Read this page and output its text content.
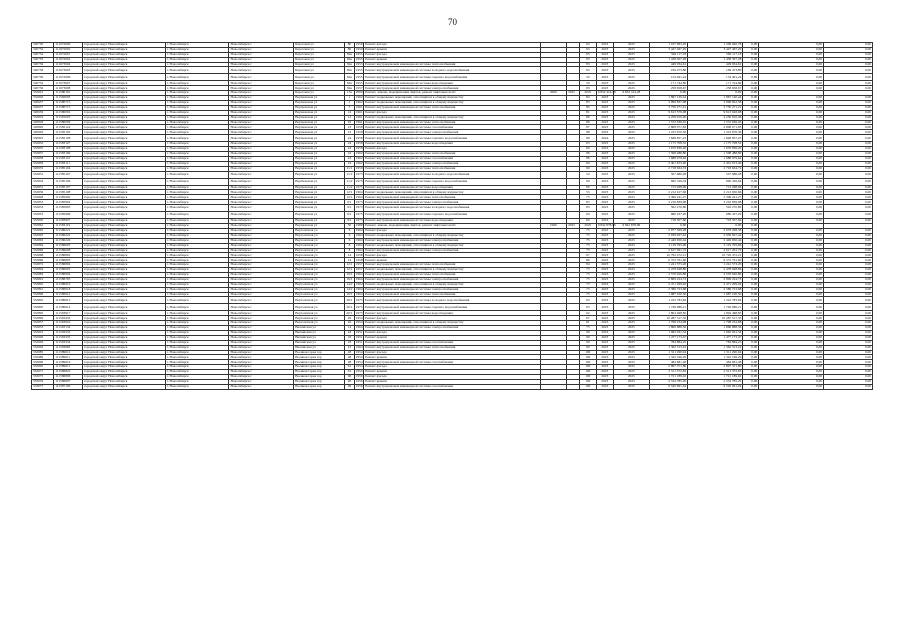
70
320750	111672600	городской округ Новосибирск	г. Новосибирск	Новосибирск г	Береговая ул	80	1959	Ремонт фасада			62	2023	2025	1 167 963,20	1 209 940,78	0,00	0,00	0,00
320752	111672602	городской округ Новосибирск	г. Новосибирск	Новосибирск г	Береговая ул	80	1959	Ремонт крыши			63	2023	2025	3 447 467,20	3 447 467,20	0,00	0,00	0,00
320754	111672601	городской округ Новосибирск	г. Новосибирск	Новосибирск г	Береговая ул	84а	1955	Ремонт фасада			65	2023	2025	569 117,18	569 117,18	0,00	0,00	0,00
320755	111672602	городской округ Новосибирск	г. Новосибирск	Новосибирск г	Береговая ул	84а	1955	Ремонт крыши			63	2023	2025	1 438 307,28	1 438 307,28	0,00	0,00	0,00
320756	111673604	городской округ Новосибирск	г. Новосибирск	Новосибирск г	Береговая ул	84а	1955	Ремонт внутридомовой инженерной системы теплоснабжения			83	2023	2025	449 934,61	449 934,61	0,00	0,00	0,00
320758	111673603	городской округ Новосибирск	г. Новосибирск	Новосибирск г	Береговая ул	84а	1955	Ремонт внутридомовой инженерной системы холодного водоснабжения			65	2023	2025	169 473,80	169 473,80	0,00	0,00	0,00
320759	111672606	городской округ Новосибирск	г. Новосибирск	Новосибирск г	Береговая ул	84а	1955	Ремонт внутридомовой инженерной системы горячего водоснабжения			50	2023	2025	154 491,24	154 491,24	0,00	0,00	0,00
320734	111673607	городской округ Новосибирск	г. Новосибирск	Новосибирск г	Береговая ул	84а	1955	Ремонт внутридомовой инженерной системы водоотведения			50	2023	2025	171 744,80	171 744,80	0,00	0,00	0,00
320736	111673608	городской округ Новосибирск	г. Новосибирск	Новосибирск г	Береговая ул	84а	1957	Ремонт внутридомовой инженерной системы электроснабжения			83	2023	2025	258 658,67	258 658,67	0,00	0,00	0,00
332901	111580110	городской округ Новосибирск	г. Новосибирск	Новосибирск г	Береговая ул	13а	2000	Ремонт, замена, модернизация лифтов, ремонт лифтовых шахт	2000	2025	2025	6 832 414,28	6 832 414,28	0,00	0,00	0,00		
332902	111582003	городской округ Новосибирск	г. Новосибирск	Новосибирск г	Вертковская ул	1	1962	Ремонт подвальных помещений, относящихся к общему имуществу			84	2023	2025	1 867 139,44	1 867 140,44	0,00	0,00	0,00
320637	111580715	городской округ Новосибирск	г. Новосибирск	Новосибирск г	Вертковская ул	1	1962	Ремонт подвальных помещений, относящихся к общему имуществу			85	2023	2025	3 099 837,98	3 099 822,58	0,00	0,00	0,00
320637	111580715	городской округ Новосибирск	г. Новосибирск	Новосибирск г	Вертковская ул	5	1961	Ремонт внутридомовой инженерной системы теплоснабжения			85	2023	2025	3 750 271,21	3 750 271,21	0,00	0,00	0,00
320636	111580002	городской округ Новосибирск	г. Новосибирск	Новосибирск г	Вертковская ул	12	1961	Ремонт фасада			81	2023	2025	9 613 579,08	9 613 628,08	0,00	0,00	0,00
332819	111581003	городской округ Новосибирск	г. Новосибирск	Новосибирск г	Вертковская ул	12	1961	Ремонт подвальных помещений, относящихся к общему имуществу			80	2023	2025	4 256 910,46	4 256 910,46	0,00	0,00	0,00
320818	111580009	городской округ Новосибирск	г. Новосибирск	Новосибирск г	Вертковская ул	20	1961	Ремонт внутридомовой инженерной системы теплоснабжения			86	2023	2025	1 572 636,45	1 572 636,45	0,00	0,00	0,00
320820	111582124	городской округ Новосибирск	г. Новосибирск	Новосибирск г	Вертковская ул	23	1958	Ремонт внутридомовой инженерной системы газоснабжения			87	2023	2025	2 808 071,83	2 808 071,83	0,00	0,00	0,00
320626	111582195	городской округ Новосибирск	г. Новосибирск	Новосибирск г	Вертковская ул	23	1958	Ремонт внутридомовой инженерной системы электроснабжения			88	2023	2025	1 223 670,36	1 223 670,36	0,00	0,00	0,00
330825	111582106	городской округ Новосибирск	г. Новосибирск	Новосибирск г	Вертковская ул	24	1958	Ремонт внутридомовой инженерной системы горячего водоснабжения			89	2024	2025	1 848 857,23	1 848 857,23	0,00	0,00	0,00
332832	111583107	городской округ Новосибирск	г. Новосибирск	Новосибирск г	Вертковская ул	24	1958	Ремонт внутридомовой инженерной системы водоотведения			63	2023	2025	1 175 708,52	1 175 708,52	0,00	0,00	0,00
332835	111583108	городской округ Новосибирск	г. Новосибирск	Новосибирск г	Вертковская ул	24	1958	Ремонт фасада			60	2023	2025	1 676 836,20	1 676 836,20	0,00	0,00	0,00
332837	111583109	городской округ Новосибирск	г. Новосибирск	Новосибирск г	Вертковская ул	24	1962	Ремонт внутридомовой инженерной системы теплоснабжения			86	2023	2025	1 598 488,80	1 598 488,80	0,00	0,00	0,00
332838	111583110	городской округ Новосибирск	г. Новосибирск	Новосибирск г	Вертковская ул	24	1962	Ремонт внутридомовой инженерной системы газоснабжения			86	2023	2025	1 688 979,64	1 688 979,64	0,00	0,00	0,00
332839	111583111	городской округ Новосибирск	г. Новосибирск	Новосибирск г	Вертковская ул	24	1962	Ремонт внутридомовой инженерной системы электроснабжения			84	2023	2025	2 401 673,40	2 401 673,40	0,00	0,00	0,00
320935	111585104	городской округ Новосибирск	г. Новосибирск	Новосибирск г	Вертковская ул	11/1	1959	Ремонт внутридомовой инженерной системы теплоснабжения			60	2023	2025	2 718 634,72	2 718 634,72	0,00	0,00	0,00
332831	111585107	городской округ Новосибирск	г. Новосибирск	Новосибирск г	Вертковская ул	11/2	1975	Ремонт внутридомовой инженерной системы холодного водоснабжения			54	2023	2025	507 686,28	507 686,28	0,00	0,00	0,00
332834	111585106	городской округ Новосибирск	г. Новосибирск	Новосибирск г	Вертковская ул	11/2	1975	Ремонт внутридомовой инженерной системы горячего водоснабжения			60	2023	2025	690 326,04	690 326,04	0,00	0,00	0,00
332831	111585107	городской округ Новосибирск	г. Новосибирск	Новосибирск г	Вертковская ул	11/2	1975	Ремонт внутридомовой инженерной системы водоотведения			60	2023	2025	713 268,06	713 268,06	0,00	0,00	0,00
332836	111585108	городской округ Новосибирск	г. Новосибирск	Новосибирск г	Вертковская ул	12/1	1964	Ремонт подвальных помещений, относящихся к общему имуществу			55	2023	2025	2 212 617,66	2 212 650,66	0,00	0,00	0,00
332848	111585900	городской округ Новосибирск	г. Новосибирск	Новосибирск г	Вертковская ул	12/1	1964	Ремонт внутридомовой инженерной системы теплоснабжения			75	2023	2025	3 396 241,27	3 396 241,27	0,00	0,00	0,00
332853	111585904	городской округ Новосибирск	г. Новосибирск	Новосибирск г	Вертковская ул	9/1	1975	Ремонт внутридомовой инженерной системы электроснабжения			83	2023	2025	3 216 839,98	3 216 839,98	0,00	0,00	0,00
332853	111585905	городской округ Новосибирск	г. Новосибирск	Новосибирск г	Вертковская ул	9/1	1975	Ремонт внутридомовой инженерной системы холодного водоснабжения			83	2023	2025	592 270,80	592 270,80	0,00	0,00	0,00
332853	111585906	городской округ Новосибирск	г. Новосибирск	Новосибирск г	Вертковская ул	9/1	1975	Ремонт внутридомовой инженерной системы горячего водоснабжения			60	2023	2025	680 437,20	680 437,20	0,00	0,00	0,00
332850	111583907	городской округ Новосибирск	г. Новосибирск	Новосибирск г	Вертковская ул	9/1	1975	Ремонт внутридомовой инженерной системы водоотведения			60	2023	2025	718 507,60	718 507,60	0,00	0,00	0,00
332861	111583119	городской округ Новосибирск	г. Новосибирск	Новосибирск г	Вертковская ул	30	1989	Ремонт, замена, модернизация лифтов, ремонт лифтовых шахт	1990	2025	2025	9 842 878,96	9 842 878,96	0,00	0,00	0,00		
332865	111586221	городской округ Новосибирск	г. Новосибирск	Новосибирск г	Вертолетная ул	6	1964	Ремонт фасада			75	2023	2025	2 977 569,28	2 978 208,38	0,00	0,00	0,00
332905	111586222	городской округ Новосибирск	г. Новосибирск	Новосибирск г	Вертолетная ул	6	1964	Ремонт подвальных помещений, относящихся к общему имуществу			75	2023	2025	2 939 927,42	2 939 927,42	0,00	0,00	0,00
332863	111586226	городской округ Новосибирск	г. Новосибирск	Новосибирск г	Вертолетная ул	6	1964	Ремонт внутридомовой инженерной системы электроснабжения			75	2023	2025	2 449 650,44	2 449 650,44	0,00	0,00	0,00
332864	111586605	городской округ Новосибирск	г. Новосибирск	Новосибирск г	Вертолетная ул	8	1964	Ремонт подвальных помещений, относящихся к общему имуществу			75	2023	2025	3 119 795,96	3 119 795,96	0,00	0,00	0,00
332866	111586608	городской округ Новосибирск	г. Новосибирск	Новосибирск г	Вертолетная ул	8	1964	Ремонт внутридомовой инженерной системы электроснабжения			75	2023	2025	2 617 261,72	2 617 261,72	0,00	0,00	0,00
332868	111586802	городской округ Новосибирск	г. Новосибирск	Новосибирск г	Вертолетная ул	14	1958	Ремонт фасада			67	2023	2025	10 792 472,21	10 792 472,21	0,00	0,00	0,00
332869	111586803	городской округ Новосибирск	г. Новосибирск	Новосибирск г	Вертолетная ул	14	1958	Ремонт крыши			86	2023	2025	6 372 761,60	6 372 761,60	0,00	0,00	0,00
332872	111586804	городской округ Новосибирск	г. Новосибирск	Новосибирск г	Вертолетная ул	12/1	1957	Ремонт внутридомовой инженерной системы теплоснабжения			84	2023	2025	1 241 573,20	1 241 573,20	0,00	0,00	0,00
332894	111586903	городской округ Новосибирск	г. Новосибирск	Новосибирск г	Вертолетная ул	12/1	1957	Ремонт подвальных помещений, относящихся к общему имуществу			75	2023	2025	2 478 648,86	2 478 648,86	0,00	0,00	0,00
332884	111586904	городской округ Новосибирск	г. Новосибирск	Новосибирск г	Вертолетная ул	19/1	1964	Ремонт внутридомовой инженерной системы теплоснабжения			75	2023	2025	2 576 920,80	2 576 920,80	0,00	0,00	0,00
332891	111586705	городской округ Новосибирск	г. Новосибирск	Новосибирск г	Вертолетная ул	19/1	1964	Ремонт внутридомовой инженерной системы электроснабжения			75	2023	2025	2 809 224,73	2 809 224,73	0,00	0,00	0,00
332895	111586910	городской округ Новосибирск	г. Новосибирск	Новосибирск г	Вертолетная ул	14/2	1964	Ремонт подвальных помещений, относящихся к общему имуществу			75	2023	2025	2 471 299,92	2 471 299,92	0,00	0,00	0,00
332891	111586918	городской округ Новосибирск	г. Новосибирск	Новосибирск г	Вертолетная ул	14/2	1964	Ремонт внутридомовой инженерной системы электроснабжения			75	2023	2025	2 386 723,68	2 386 723,68	0,00	0,00	0,00
332896	111586912	городской округ Новосибирск	г. Новосибирск	Новосибирск г	Вертолетная ул	19/1	1964	Ремонт внутридомовой инженерной системы теплоснабжения			75	2023	2025	1 987 100,50	1 987 100,50	0,00	0,00	0,00
332895	111586913	городской округ Новосибирск	г. Новосибирск	Новосибирск г	Вертолетная ул	20/1	1975	Ремонт внутридомовой инженерной системы холодного водоснабжения			63	2023	2025	1 222 783,84	1 222 783,84	0,00	0,00	0,00
332895	111586914	городской округ Новосибирск	г. Новосибирск	Новосибирск г	Вертолетная ул	20/1	1975	Ремонт внутридомовой инженерной системы горячего водоснабжения			63	2023	2025	1 749 086,21	1 749 086,21	0,00	0,00	0,00
332895	111593917	городской округ Новосибирск	г. Новосибирск	Новосибирск г	Вертолетная ул	20/1	1975	Ремонт внутридомовой инженерной системы водоотведения			62	2023	2025	1 804 468,85	1 804 468,85	0,00	0,00	0,00
332899	111593433	городской округ Новосибирск	г. Новосибирск	Новосибирск г	Вертолетная ул	26	1954	Ремонт фасада			67	2023	2025	10 287 517,35	10 287 517,35	0,00	0,00	0,00
332837	111593922	городской округ Новосибирск	г. Новосибирск	Новосибирск г	Вертолетная ул	26	1954	Ремонт подвальных помещений, относящихся к общему имуществу			61	2023	2025	1 798 234,98	1 798 234,98	0,00	0,00	0,00
332853	111593134	городской округ Новосибирск	г. Новосибирск	Новосибирск г	Вилюйская ул	14	1964	Ремонт внутридомовой инженерной системы электроснабжения			75	2023	2025	1 866 888,56	1 866 888,56	0,00	0,00	0,00
332923	111593433	городской округ Новосибирск	г. Новосибирск	Новосибирск г	Вилюйская ул	18	1951	Ремонт фасада			99	2023	2025	1 962 931,34	1 962 931,34	0,00	0,00	0,00
332926	111593435	городской округ Новосибирск	г. Новосибирск	Новосибирск г	Вилюйская ул	18	1951	Ремонт крыши			99	2023	2025	1 477 173,47	1 477 173,47	0,00	0,00	0,00
332926	111593434	городской округ Новосибирск	г. Новосибирск	Новосибирск г	Вилюйская ул	18	1951	Ремонт внутридомовой инженерной системы газоснабжения			99	2023	2025	784 884,25	784 884,25	0,00	0,00	0,00
332902	111593682	городской округ Новосибирск	г. Новосибирск	Новосибирск г	Вилюйская ул	23	1964	Ремонт внутридомовой инженерной системы теплоснабжения			90	2023	2025	1 362 313,22	1 362 313,22	0,00	0,00	0,00
332985	111589612	городской округ Новосибирск	г. Новосибирск	Новосибирск г	Военная горка тер	48	1954	Ремонт фасада			100	2023	2025	1 311 290,94	1 311 290,94	0,00	0,00	0,00
332986	111589611	городской округ Новосибирск	г. Новосибирск	Новосибирск г	Военная горка тер	48	1954	Ремонт крыши			100	2023	2025	1 342 196,20	1 342 196,20	0,00	0,00	0,00
332990	111589619	городской округ Новосибирск	г. Новосибирск	Новосибирск г	Военная горка тер	48	1954	Ремонт внутридомовой инженерной системы газоснабжения			100	2023	2025	484 681,48	484 681,48	0,00	0,00	0,00
332995	111589612	городской округ Новосибирск	г. Новосибирск	Новосибирск г	Военная горка тер	61	1954	Ремонт фасада			100	2023	2025	2 897 371,80	2 897 371,80	0,00	0,00	0,00
332971	111586822	городской округ Новосибирск	г. Новосибирск	Новосибирск г	Военная горка тер	61	1954	Ремонт крыши			100	2023	2025	2 511 372,65	2 511 372,65	0,00	0,00	0,00
333075	111586806	городской округ Новосибирск	г. Новосибирск	Новосибирск г	Военная горка тер	96	1956	Ремонт фасада			100	2023	2025	1 721 189,02	1 721 189,02	0,00	0,00	0,00
333076	111586807	городской округ Новосибирск	г. Новосибирск	Новосибирск г	Военная горка тер	96	1956	Ремонт крыши			100	2023	2025	2 534 785,20	2 534 785,20	0,00	0,00	0,00
333077	111587100	городской округ Новосибирск	г. Новосибирск	Новосибирск г	Военная горка тер	96	1956	Ремонт внутридомовой инженерной системы газоснабжения			100	2023	2025	9 520 091,04	9 520 091,04	0,00	0,00	0,00
